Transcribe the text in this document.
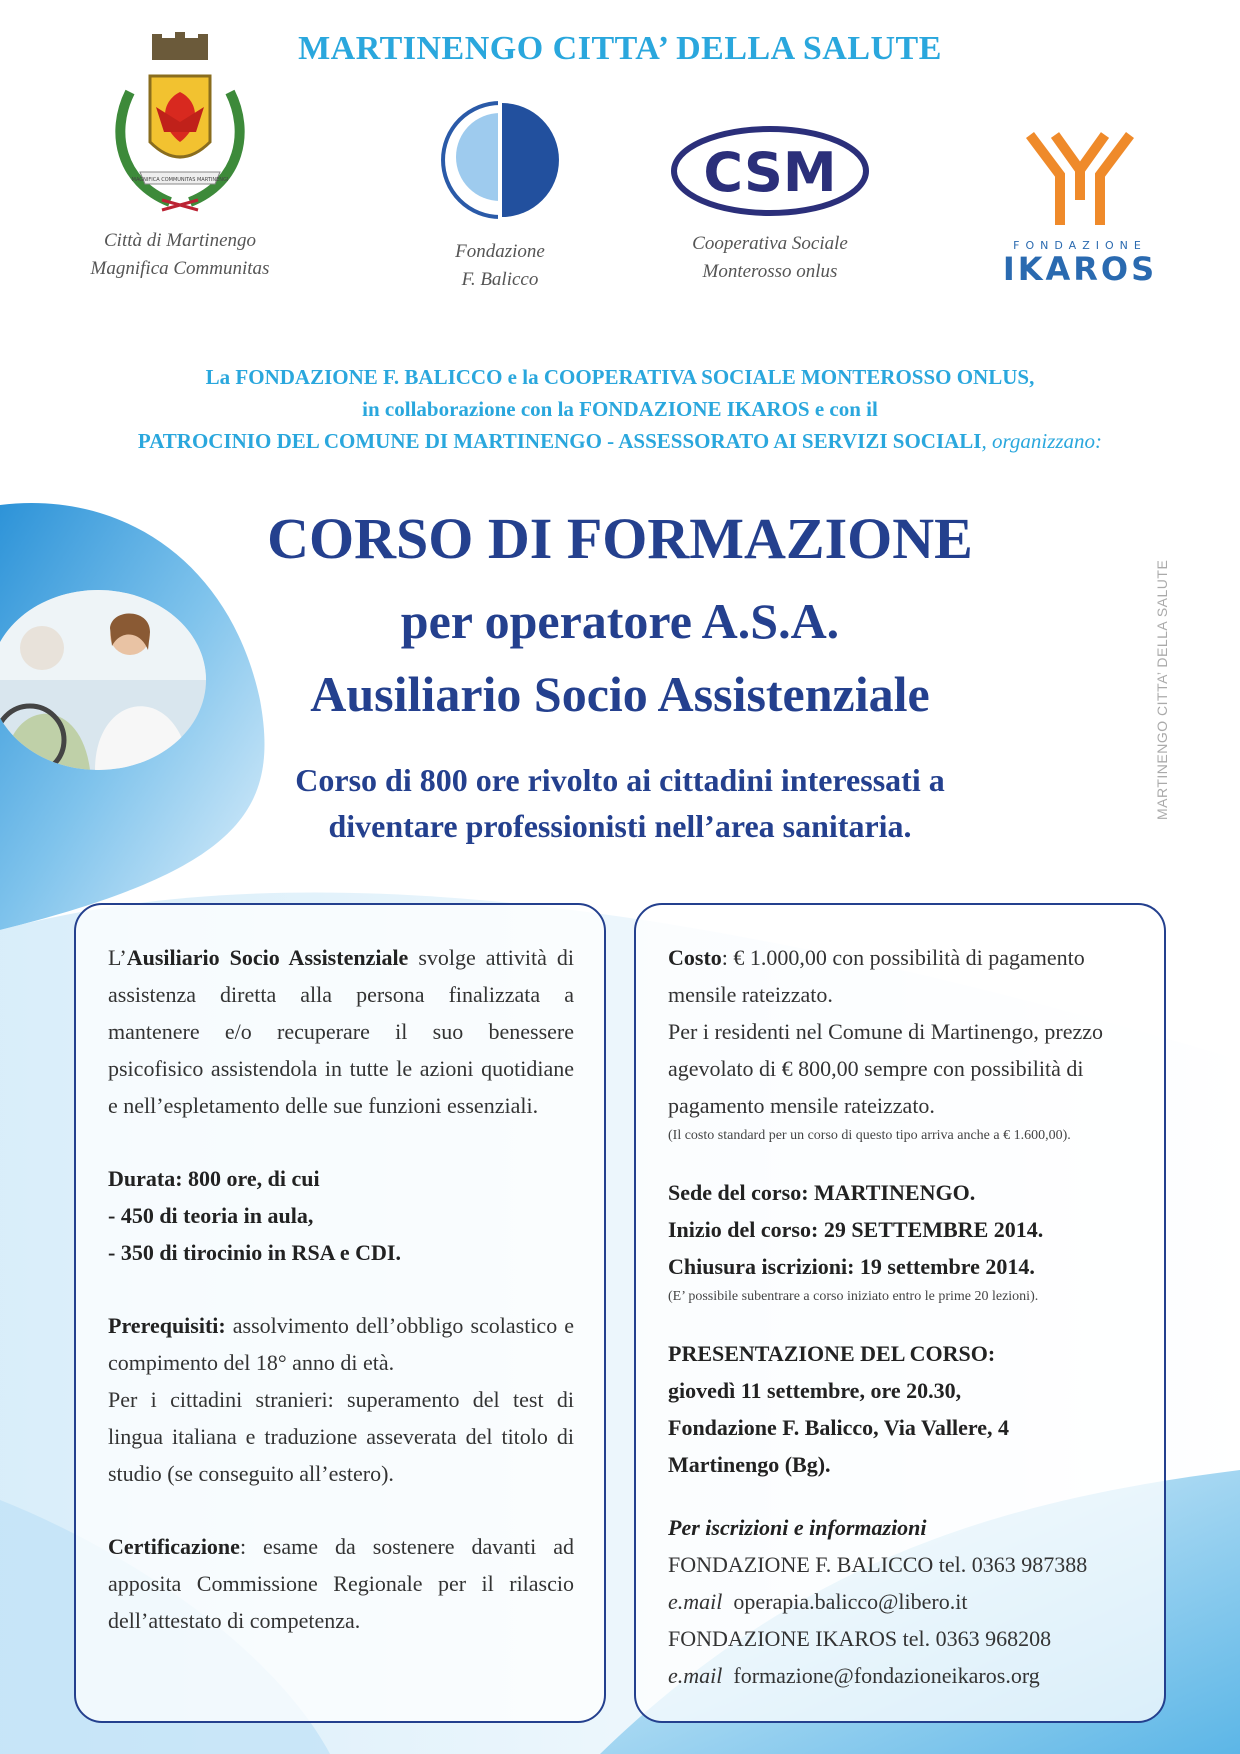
MARTINENGO CITTA’ DELLA SALUTE
MAGNIFICA COMMUNITAS MARTINENGI
Città di Martinengo
Magnifica Communitas
Fondazione
F. Balicco
CSM
Cooperativa Sociale
Monterosso onlus
FONDAZIONE
IKAROS
La FONDAZIONE F. BALICCO e la COOPERATIVA SOCIALE MONTEROSSO ONLUS,
in collaborazione con la FONDAZIONE IKAROS e con il
PATROCINIO DEL COMUNE DI MARTINENGO - ASSESSORATO AI SERVIZI SOCIALI, organizzano:
CORSO DI FORMAZIONE
per operatore A.S.A.
Ausiliario Socio Assistenziale
Corso di 800 ore rivolto ai cittadini interessati a
diventare professionisti nell’area sanitaria.
MARTINENGO CITTA’ DELLA SALUTE
L’Ausiliario Socio Assistenziale svolge attività di assistenza diretta alla persona finalizzata a mantenere e/o recuperare il suo benessere psicofisico assistendola in tutte le azioni quotidiane e nell’espletamento delle sue funzioni essenziali.
Durata: 800 ore, di cui
- 450 di teoria in aula,
- 350 di tirocinio in RSA e CDI.
Prerequisiti: assolvimento dell’obbligo scolastico e compimento del 18° anno di età.
Per i cittadini stranieri: superamento del test di lingua italiana e traduzione asseverata del titolo di studio (se conseguito all’estero).
Certificazione: esame da sostenere davanti ad apposita Commissione Regionale per il rilascio dell’attestato di competenza.
Costo: € 1.000,00 con possibilità di pagamento mensile rateizzato.
Per i residenti nel Comune di Martinengo, prezzo agevolato di € 800,00 sempre con possibilità di pagamento mensile rateizzato.
(Il costo standard per un corso di questo tipo arriva anche a € 1.600,00).
Sede del corso: MARTINENGO.
Inizio del corso: 29 SETTEMBRE 2014.
Chiusura iscrizioni: 19 settembre 2014.
(E’ possibile subentrare a corso iniziato entro le prime 20 lezioni).
PRESENTAZIONE DEL CORSO:
giovedì 11 settembre, ore 20.30,
Fondazione F. Balicco, Via Vallere, 4
Martinengo (Bg).
Per iscrizioni e informazioni
FONDAZIONE F. BALICCO tel. 0363 987388
e.mail operapia.balicco@libero.it
FONDAZIONE IKAROS tel. 0363 968208
e.mail formazione@fondazioneikaros.org
